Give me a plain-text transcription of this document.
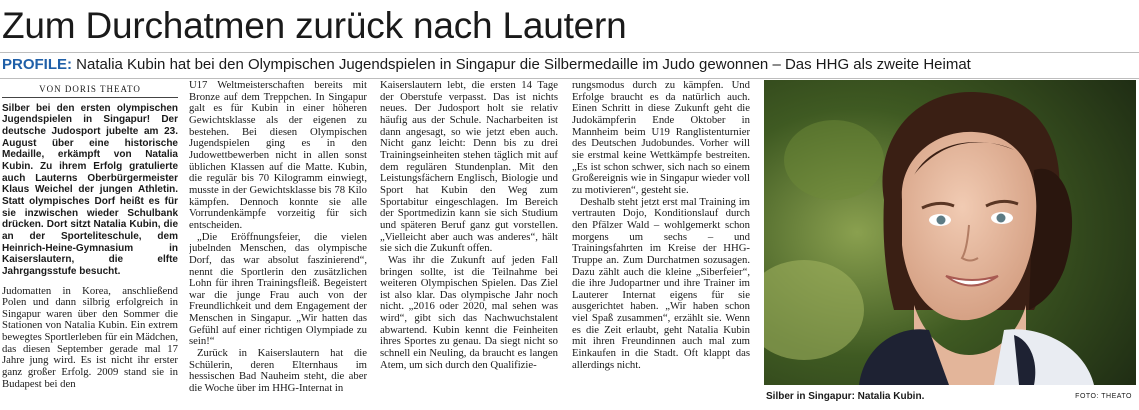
Zum Durchatmen zurück nach Lautern
PROFILE: Natalia Kubin hat bei den Olympischen Jugendspielen in Singapur die Silbermedaille im Judo gewonnen – Das HHG als zweite Heimat
VON DORIS THEATO

Silber bei den ersten olympischen Jugendspielen in Singapur! Der deutsche Judosport jubelte am 23. August über eine historische Medaille, erkämpft von Natalia Kubin. Zu ihrem Erfolg gratulierte auch Lauterns Oberbürgermeister Klaus Weichel der jungen Athletin. Statt olympisches Dorf heißt es für sie inzwischen wieder Schulbank drücken. Dort sitzt Natalia Kubin, die an der Sporteliteschule, dem Heinrich-Heine-Gymnasium in Kaiserslautern, die elfte Jahrgangsstufe besucht.

Judomatten in Korea, anschließend Polen und dann silbrig erfolgreich in Singapur waren über den Sommer die Stationen von Natalia Kubin. Ein extrem bewegtes Sportlerleben für ein Mädchen, das diesen September gerade mal 17 Jahre jung wird. Es ist nicht ihr erster ganz großer Erfolg. 2009 stand sie in Budapest bei den

U17 Weltmeisterschaften bereits mit Bronze auf dem Treppchen. In Singapur galt es für Kubin in einer höheren Gewichtsklasse als der eigenen zu bestehen. Bei diesen Olympischen Jugendspielen ging es in den Judowettbewerben nicht in allen sonst üblichen Klassen auf die Matte. Kubin, die regulär bis 70 Kilogramm einwiegt, musste in der Gewichtsklasse bis 78 Kilo kämpfen. Dennoch konnte sie alle Vorrundenkämpfe vorzeitig für sich entscheiden.

„Die Eröffnungsfeier, die vielen jubelnden Menschen, das olympische Dorf, das war absolut faszinierend“, nennt die Sportlerin den zusätzlichen Lohn für ihren Trainingsfleiß. Begeistert war die junge Frau auch von der Freundlichkeit und dem Engagement der Menschen in Singapur. „Wir hatten das Gefühl auf einer richtigen Olympiade zu sein!“

Zurück in Kaiserslautern hat die Schülerin, deren Elternhaus im hessischen Bad Nauheim steht, die aber die Woche über im HHG-Internat in

Kaiserslautern lebt, die ersten 14 Tage der Oberstufe verpasst. Das ist nichts neues. Der Judosport holt sie relativ häufig aus der Schule. Nacharbeiten ist dann angesagt, so wie jetzt eben auch. Nicht ganz leicht: Denn bis zu drei Trainingseinheiten stehen täglich mit auf dem regulären Stundenplan. Mit den Leistungsfächern Englisch, Biologie und Sport hat Kubin den Weg zum Sportabitur eingeschlagen. Im Bereich der Sportmedizin kann sie sich Studium und späteren Beruf ganz gut vorstellen. „Vielleicht aber auch was anderes“, hält sie sich die Zukunft offen.

Was ihr die Zukunft auf jeden Fall bringen sollte, ist die Teilnahme bei weiteren Olympischen Spielen. Das Ziel ist also klar. Das olympische Jahr noch nicht. „2016 oder 2020, mal sehen was wird“, gibt sich das Nachwuchstalent abwartend. Kubin kennt die Feinheiten ihres Sportes zu genau. Da siegt nicht so schnell ein Neuling, da braucht es langen Atem, um sich durch den Qualifizie-

rungsmodus durch zu kämpfen. Und Erfolge braucht es da natürlich auch. Einen Schritt in diese Zukunft geht die Judokämpferin Ende Oktober in Mannheim beim U19 Ranglistenturnier des Deutschen Judobundes. Vorher will sie erstmal keine Wettkämpfe bestreiten. „Es ist schon schwer, sich nach so einem Großereignis wie in Singapur wieder voll zu motivieren“, gesteht sie.

Deshalb steht jetzt erst mal Training im vertrauten Dojo, Konditionslauf durch den Pfälzer Wald – wohlgemerkt schon morgens um sechs – und Trainingsfahrten im Kreise der HHG-Truppe an. Zum Durchatmen sozusagen. Dazu zählt auch die kleine „Siberfeier“, die ihre Judopartner und ihre Trainer im Lauterer Internat eigens für sie ausgerichtet haben. „Wir haben schon viel Spaß zusammen“, erzählt sie. Wenn es die Zeit erlaubt, geht Natalia Kubin mit ihren Freundinnen auch mal zum Einkaufen in die Stadt. Oft klappt das allerdings nicht.

Silber in Singapur: Natalia Kubin.	FOTO: THEATO
